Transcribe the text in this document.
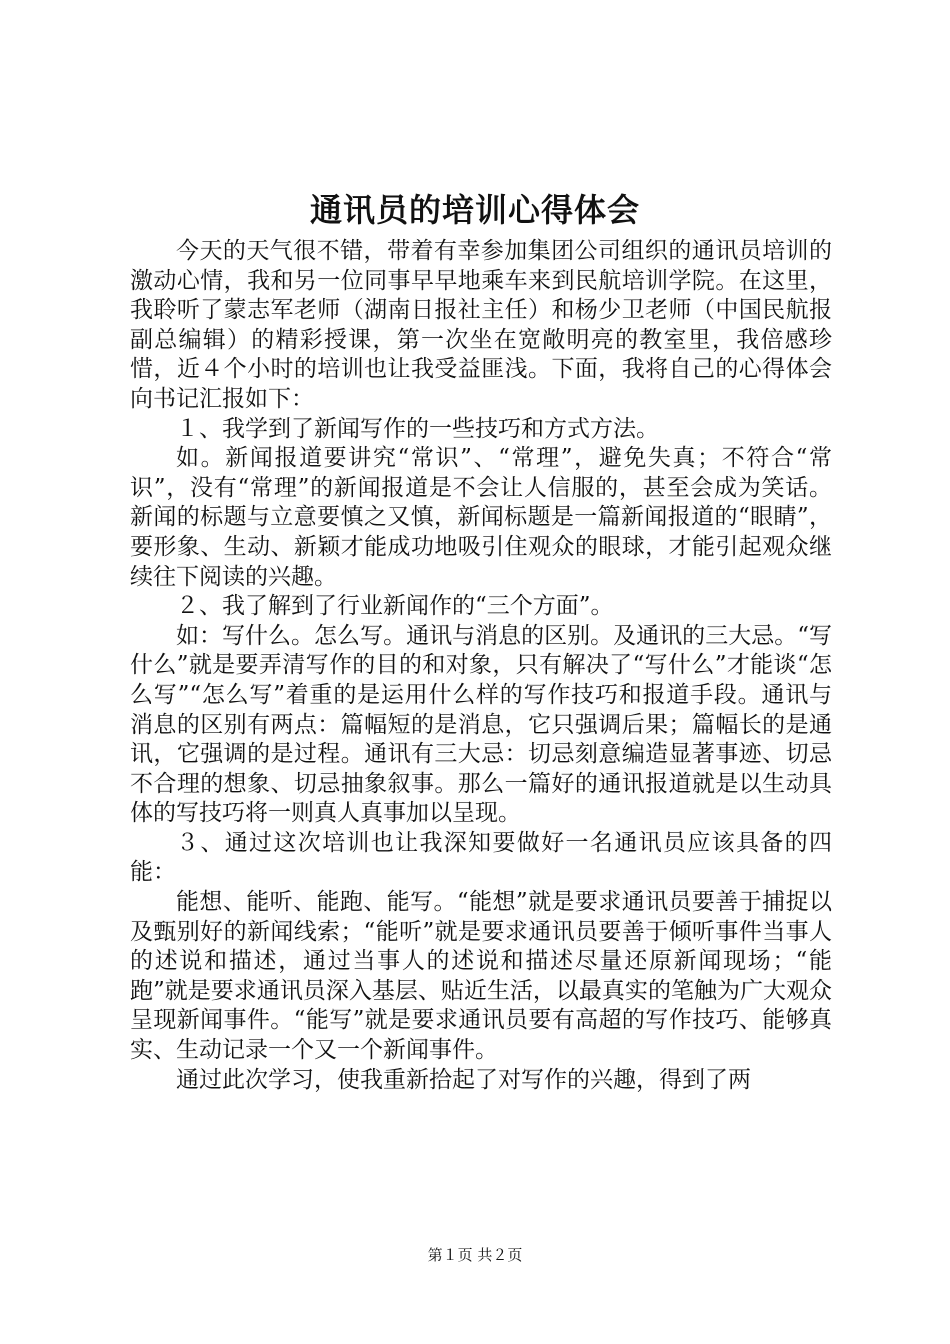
通讯员的培训心得体会

今天的天气很不错，带着有幸参加集团公司组织的通讯员培训的激动心情，我和另一位同事早早地乘车来到民航培训学院。在这里，我聆听了蒙志军老师（湖南日报社主任）和杨少卫老师（中国民航报副总编辑）的精彩授课，第一次坐在宽敞明亮的教室里，我倍感珍惜，近４个小时的培训也让我受益匪浅。下面，我将自己的心得体会向书记汇报如下：

１、我学到了新闻写作的一些技巧和方式方法。

如。新闻报道要讲究“常识”、“常理”，避免失真；不符合“常识”，没有“常理”的新闻报道是不会让人信服的，甚至会成为笑话。新闻的标题与立意要慎之又慎，新闻标题是一篇新闻报道的“眼睛”，要形象、生动、新颖才能成功地吸引住观众的眼球，才能引起观众继续往下阅读的兴趣。

２、我了解到了行业新闻作的“三个方面”。

如：写什么。怎么写。通讯与消息的区别。及通讯的三大忌。“写什么”就是要弄清写作的目的和对象，只有解决了“写什么”才能谈“怎么写”“怎么写”着重的是运用什么样的写作技巧和报道手段。通讯与消息的区别有两点：篇幅短的是消息，它只强调后果；篇幅长的是通讯，它强调的是过程。通讯有三大忌：切忌刻意编造显著事迹、切忌不合理的想象、切忌抽象叙事。那么一篇好的通讯报道就是以生动具体的写技巧将一则真人真事加以呈现。

３、通过这次培训也让我深知要做好一名通讯员应该具备的四能：

能想、能听、能跑、能写。“能想”就是要求通讯员要善于捕捉以及甄别好的新闻线索；“能听”就是要求通讯员要善于倾听事件当事人的述说和描述，通过当事人的述说和描述尽量还原新闻现场；“能跑”就是要求通讯员深入基层、贴近生活，以最真实的笔触为广大观众呈现新闻事件。“能写”就是要求通讯员要有高超的写作技巧、能够真实、生动记录一个又一个新闻事件。

通过此次学习，使我重新拾起了对写作的兴趣，得到了两

第１页 共２页
